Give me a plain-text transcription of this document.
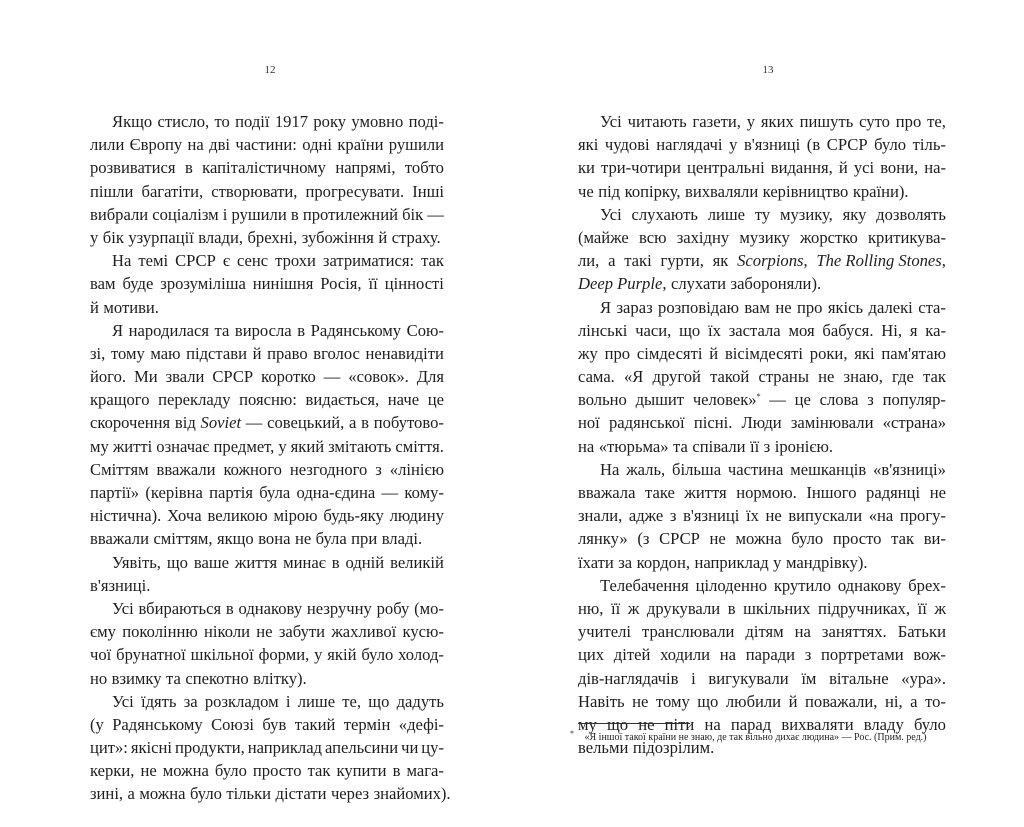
12
Якщо стисло, то події 1917 року умовно поді-
лили Європу на дві частини: одні країни рушили
розвиватися в капіталістичному напрямі, тобто
пішли багатіти, створювати, прогресувати. Інші
вибрали соціалізм і рушили в протилежний бік —
у бік узурпації влади, брехні, зубожіння й страху.
На темі СРСР є сенс трохи затриматися: так
вам буде зрозуміліша нинішня Росія, її цінності
й мотиви.
Я народилася та виросла в Радянському Сою-
зі, тому маю підстави й право вголос ненавидіти
його. Ми звали СРСР коротко — «совок». Для
кращого перекладу поясню: видається, наче це
скорочення від Soviet — совецький, а в побутово-
му житті означає предмет, у який змітають сміття.
Сміттям вважали кожного незгодного з «лінією
партії» (керівна партія була одна-єдина — кому-
ністична). Хоча великою мірою будь-яку людину
вважали сміттям, якщо вона не була при владі.
Уявіть, що ваше життя минає в одній великій
в'язниці.
Усі вбираються в однакову незручну робу (мо-
єму поколінню ніколи не забути жахливої кусю-
чої брунатної шкільної форми, у якій було холод-
но взимку та спекотно влітку).
Усі їдять за розкладом і лише те, що дадуть
(у Радянському Союзі був такий термін «дефі-
цит»: якісні продукти, наприклад апельсини чи цу-
керки, не можна було просто так купити в мага-
зині, а можна було тільки дістати через знайомих).
13
Усі читають газети, у яких пишуть суто про те,
які чудові наглядачі у в'язниці (в СРСР було тіль-
ки три-чотири центральні видання, й усі вони, на-
че під копірку, вихваляли керівництво країни).
Усі слухають лише ту музику, яку дозволять
(майже всю західну музику жорстко критикува-
ли, а такі гурти, як Scorpions, The Rolling Stones,
Deep Purple, слухати забороняли).
Я зараз розповідаю вам не про якісь далекі ста-
лінські часи, що їх застала моя бабуся. Ні, я ка-
жу про сімдесяті й вісімдесяті роки, які пам'ятаю
сама. «Я другой такой страны не знаю, где так
вольно дышит человек»* — це слова з популяр-
ної радянської пісні. Люди замінювали «страна»
на «тюрьма» та співали її з іронією.
На жаль, більша частина мешканців «в'язниці»
вважала таке життя нормою. Іншого радянці не
знали, адже з в'язниці їх не випускали «на прогу-
лянку» (з СРСР не можна було просто так ви-
їхати за кордон, наприклад у мандрівку).
Телебачення цілоденно крутило однакову брех-
ню, її ж друкували в шкільних підручниках, її ж
учителі транслювали дітям на заняттях. Батьки
цих дітей ходили на паради з портретами вож-
дів-наглядачів і вигукували їм вітальне «ура».
Навіть не тому що любили й поважали, ні, а то-
му що не піти на парад вихваляти владу було
вельми підозрілим.
* «Я іншої такої країни не знаю, де так вільно дихає людина» — Рос. (Прим. ред.)
